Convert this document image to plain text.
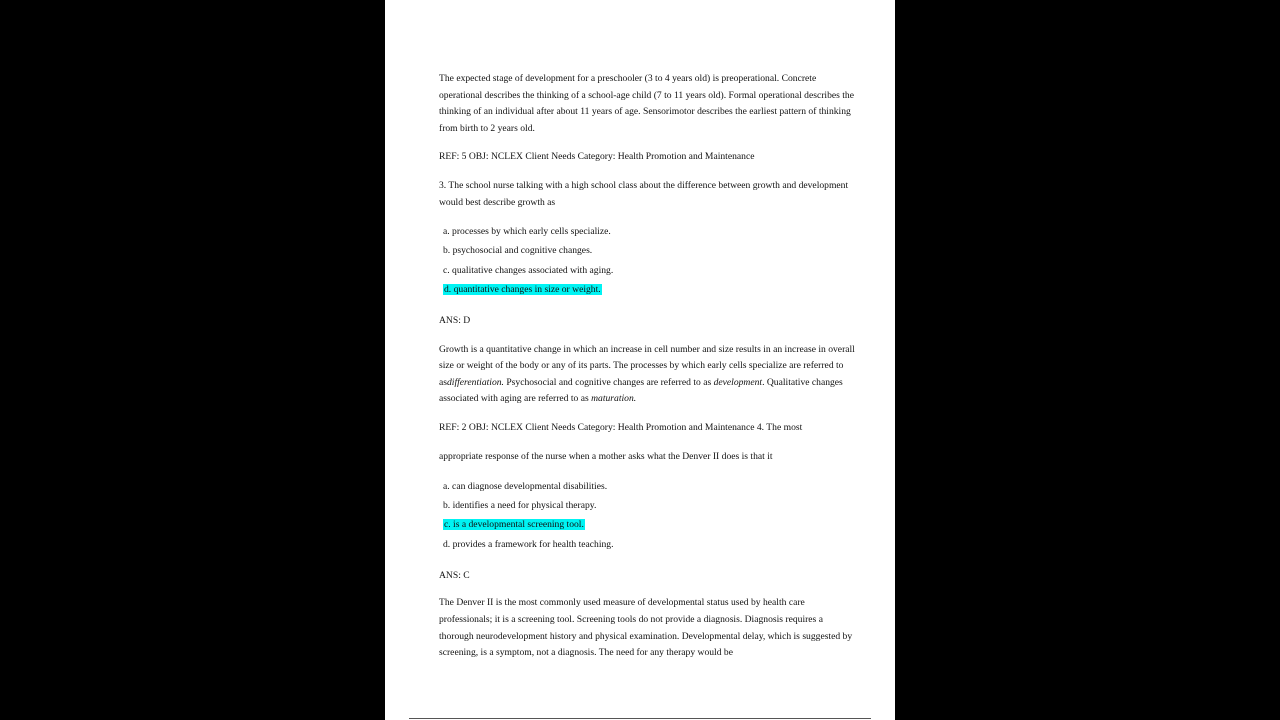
The expected stage of development for a preschooler (3 to 4 years old) is preoperational. Concrete operational describes the thinking of a school-age child (7 to 11 years old). Formal operational describes the thinking of an individual after about 11 years of age. Sensorimotor describes the earliest pattern of thinking from birth to 2 years old.

REF: 5 OBJ: NCLEX Client Needs Category: Health Promotion and Maintenance

3. The school nurse talking with a high school class about the difference between growth and development would best describe growth as

a. processes by which early cells specialize.
b. psychosocial and cognitive changes.
c. qualitative changes associated with aging.
d. quantitative changes in size or weight.

ANS: D

Growth is a quantitative change in which an increase in cell number and size results in an increase in overall size or weight of the body or any of its parts. The processes by which early cells specialize are referred to asdifferentiation. Psychosocial and cognitive changes are referred to as development. Qualitative changes associated with aging are referred to as maturation.

REF: 2 OBJ: NCLEX Client Needs Category: Health Promotion and Maintenance 4. The most

appropriate response of the nurse when a mother asks what the Denver II does is that it

a. can diagnose developmental disabilities.
b. identifies a need for physical therapy.
c. is a developmental screening tool.
d. provides a framework for health teaching.

ANS: C

The Denver II is the most commonly used measure of developmental status used by health care professionals; it is a screening tool. Screening tools do not provide a diagnosis. Diagnosis requires a thorough neurodevelopment history and physical examination. Developmental delay, which is suggested by screening, is a symptom, not a diagnosis. The need for any therapy would be
